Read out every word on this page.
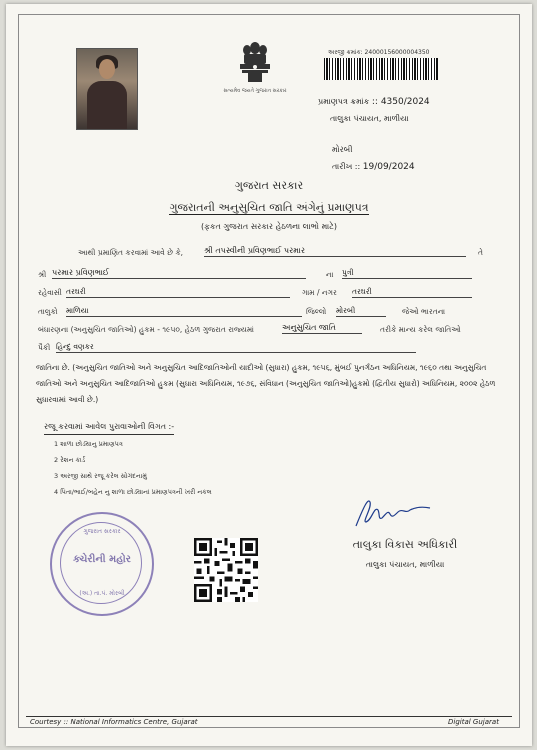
સત્યમેવ જયતે ગુજરાત સરકાર
અરજી ક્રમાંક: 24000156000004350
પ્રમાણપત્ર ક્રમાંક :: 4350/2024
તાલુકા પંચાયત, માળીયા
મોરબી
તારીખ :: 19/09/2024
ગુજરાત સરકાર
ગુજરાતની અનુસુચિત જાતિ અંગેનું પ્રમાણપત્ર
(ફકત ગુજરાત સરકાર હેઠળના લાભો માટે)
આથી પ્રમાણિત કરવામાં આવે છે કે,	શ્રી તપસ્વીની પ્રવિણભાઈ પરમાર	તે
શ્રી પરમાર પ્રવિણભાઈ	ના પુત્રી
રહેવાસી તરઘરી	ગામ / નગર તરઘરી
તાલુકો માળિયા	જિલ્લો મોરબી	જેઓ ભારતના
બંધારણના (અનુસુચિત જાતિઓ) હુકમ - ૧૯૫૦, હેઠળ ગુજરાત રાજ્યમાં	અનુસુચિત જાતિ	તરીકે માન્ય કરેલ જાતિઓ
પૈકી હિન્દુ વણકર
જાતિના છે. (અનુસુચિત જાતિઓ અને અનુસુચિત આદિજાતિઓની યાદીઓ (સુધારા) હુકમ, ૧૯૫૬, મુંબઈ પુનર્ગઠન અધિનિયમ, ૧૯૬૦ તથા અનુસુચિત જાતિઓ અને અનુસુચિત આદિજાતિઓ હુકમ (સુધારા અધિનિયમ, ૧૯૭૬, સંવિધાન (અનુસુચિત જાતિઓ)હુકમો (દ્વિતીય સુધારો) અધિનિયમ, ૨૦૦૨ હેઠળ સુધારવામાં આવી છે.)
રજૂ કરવામાં આવેલ પુરાવાઓની વિગત :-
1 શાળા છોડ્યાનુ પ્રમાણપત્ર
2 રેશન કાર્ડ
3 અરજી સાથે રજૂ કરેલ સોગંદનામું
4 પિતા/ભાઈ/બહેન નુ શાળા છોડ્યાનાં પ્રમાણપત્રની ખરી નકલ
ગુજરાત સરકાર
ક્ચેરીની મહોર
(અ.) તા.પં. મોરબી
તાલુકા વિકાસ અધિકારી
તાલુકા પંચાયત, માળીયા
Courtesy :: National Informatics Centre, Gujarat	Digital Gujarat
